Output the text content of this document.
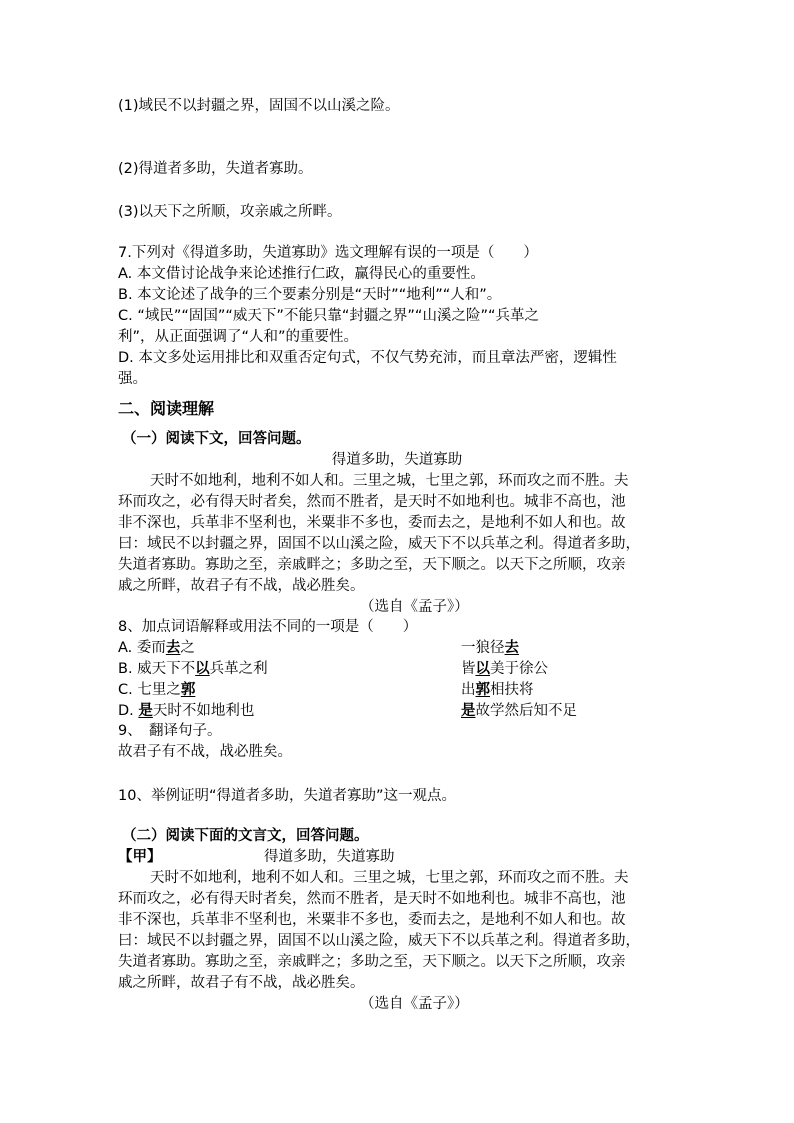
(1)域民不以封疆之界，固国不以山溪之险。
(2)得道者多助，失道者寡助。
(3)以天下之所顺，攻亲戚之所畔。
7.下列对《得道多助，失道寡助》选文理解有误的一项是（　　）
A. 本文借讨论战争来论述推行仁政，赢得民心的重要性。
B. 本文论述了战争的三个要素分别是“天时”“地利”“人和”。
C. “域民”“固国”“威天下”不能只靠“封疆之界”“山溪之险”“兵革之
利”，从正面强调了“人和”的重要性。
D. 本文多处运用排比和双重否定句式，不仅气势充沛，而且章法严密，逻辑性
强。
二、阅读理解
（一）阅读下文，回答问题。
得道多助，失道寡助
天时不如地利，地利不如人和。三里之城，七里之郭，环而攻之而不胜。夫
环而攻之，必有得天时者矣，然而不胜者，是天时不如地利也。城非不高也，池
非不深也，兵革非不坚利也，米粟非不多也，委而去之，是地利不如人和也。故
曰：域民不以封疆之界，固国不以山溪之险，威天下不以兵革之利。得道者多助，
失道者寡助。寡助之至，亲戚畔之；多助之至，天下顺之。以天下之所顺，攻亲
戚之所畔，故君子有不战，战必胜矣。
（选自《孟子》）
8、加点词语解释或用法不同的一项是（　　）
A. 委而去之	一狼径去
B. 威天下不以兵革之利	皆以美于徐公
C. 七里之郭	出郭相扶将
D. 是天时不如地利也	是故学然后知不足
9、　翻译句子。
故君子有不战，战必胜矣。
10、举例证明“得道者多助，失道者寡助”这一观点。
（二）阅读下面的文言文，回答问题。
【甲】	得道多助，失道寡助
天时不如地利，地利不如人和。三里之城，七里之郭，环而攻之而不胜。夫
环而攻之，必有得天时者矣，然而不胜者，是天时不如地利也。城非不高也，池
非不深也，兵革非不坚利也，米粟非不多也，委而去之，是地利不如人和也。故
曰：域民不以封疆之界，固国不以山溪之险，威天下不以兵革之利。得道者多助，
失道者寡助。寡助之至，亲戚畔之；多助之至，天下顺之。以天下之所顺，攻亲
戚之所畔，故君子有不战，战必胜矣。
（选自《孟子》）
